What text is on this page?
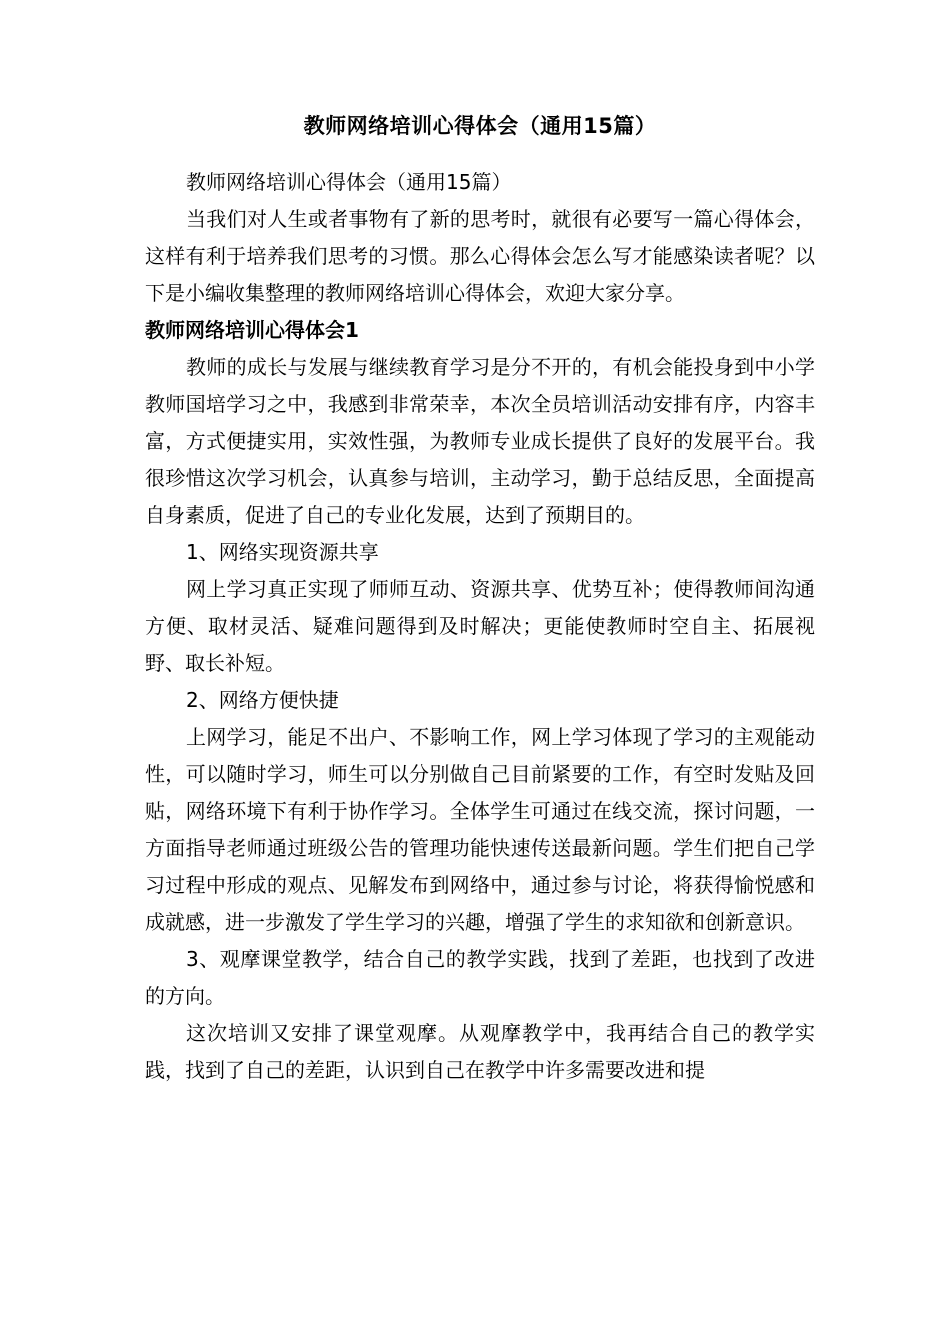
教师网络培训心得体会（通用15篇）

教师网络培训心得体会（通用15篇）

当我们对人生或者事物有了新的思考时，就很有必要写一篇心得体会，这样有利于培养我们思考的习惯。那么心得体会怎么写才能感染读者呢？以下是小编收集整理的教师网络培训心得体会，欢迎大家分享。

教师网络培训心得体会1

教师的成长与发展与继续教育学习是分不开的，有机会能投身到中小学教师国培学习之中，我感到非常荣幸，本次全员培训活动安排有序，内容丰富，方式便捷实用，实效性强，为教师专业成长提供了良好的发展平台。我很珍惜这次学习机会，认真参与培训，主动学习，勤于总结反思，全面提高自身素质，促进了自己的专业化发展，达到了预期目的。

1、网络实现资源共享

网上学习真正实现了师师互动、资源共享、优势互补；使得教师间沟通方便、取材灵活、疑难问题得到及时解决；更能使教师时空自主、拓展视野、取长补短。

2、网络方便快捷

上网学习，能足不出户、不影响工作，网上学习体现了学习的主观能动性，可以随时学习，师生可以分别做自己目前紧要的工作，有空时发贴及回贴，网络环境下有利于协作学习。全体学生可通过在线交流，探讨问题，一方面指导老师通过班级公告的管理功能快速传送最新问题。学生们把自己学习过程中形成的观点、见解发布到网络中，通过参与讨论，将获得愉悦感和成就感，进一步激发了学生学习的兴趣，增强了学生的求知欲和创新意识。

3、观摩课堂教学，结合自己的教学实践，找到了差距，也找到了改进的方向。

这次培训又安排了课堂观摩。从观摩教学中，我再结合自己的教学实践，找到了自己的差距，认识到自己在教学中许多需要改进和提
